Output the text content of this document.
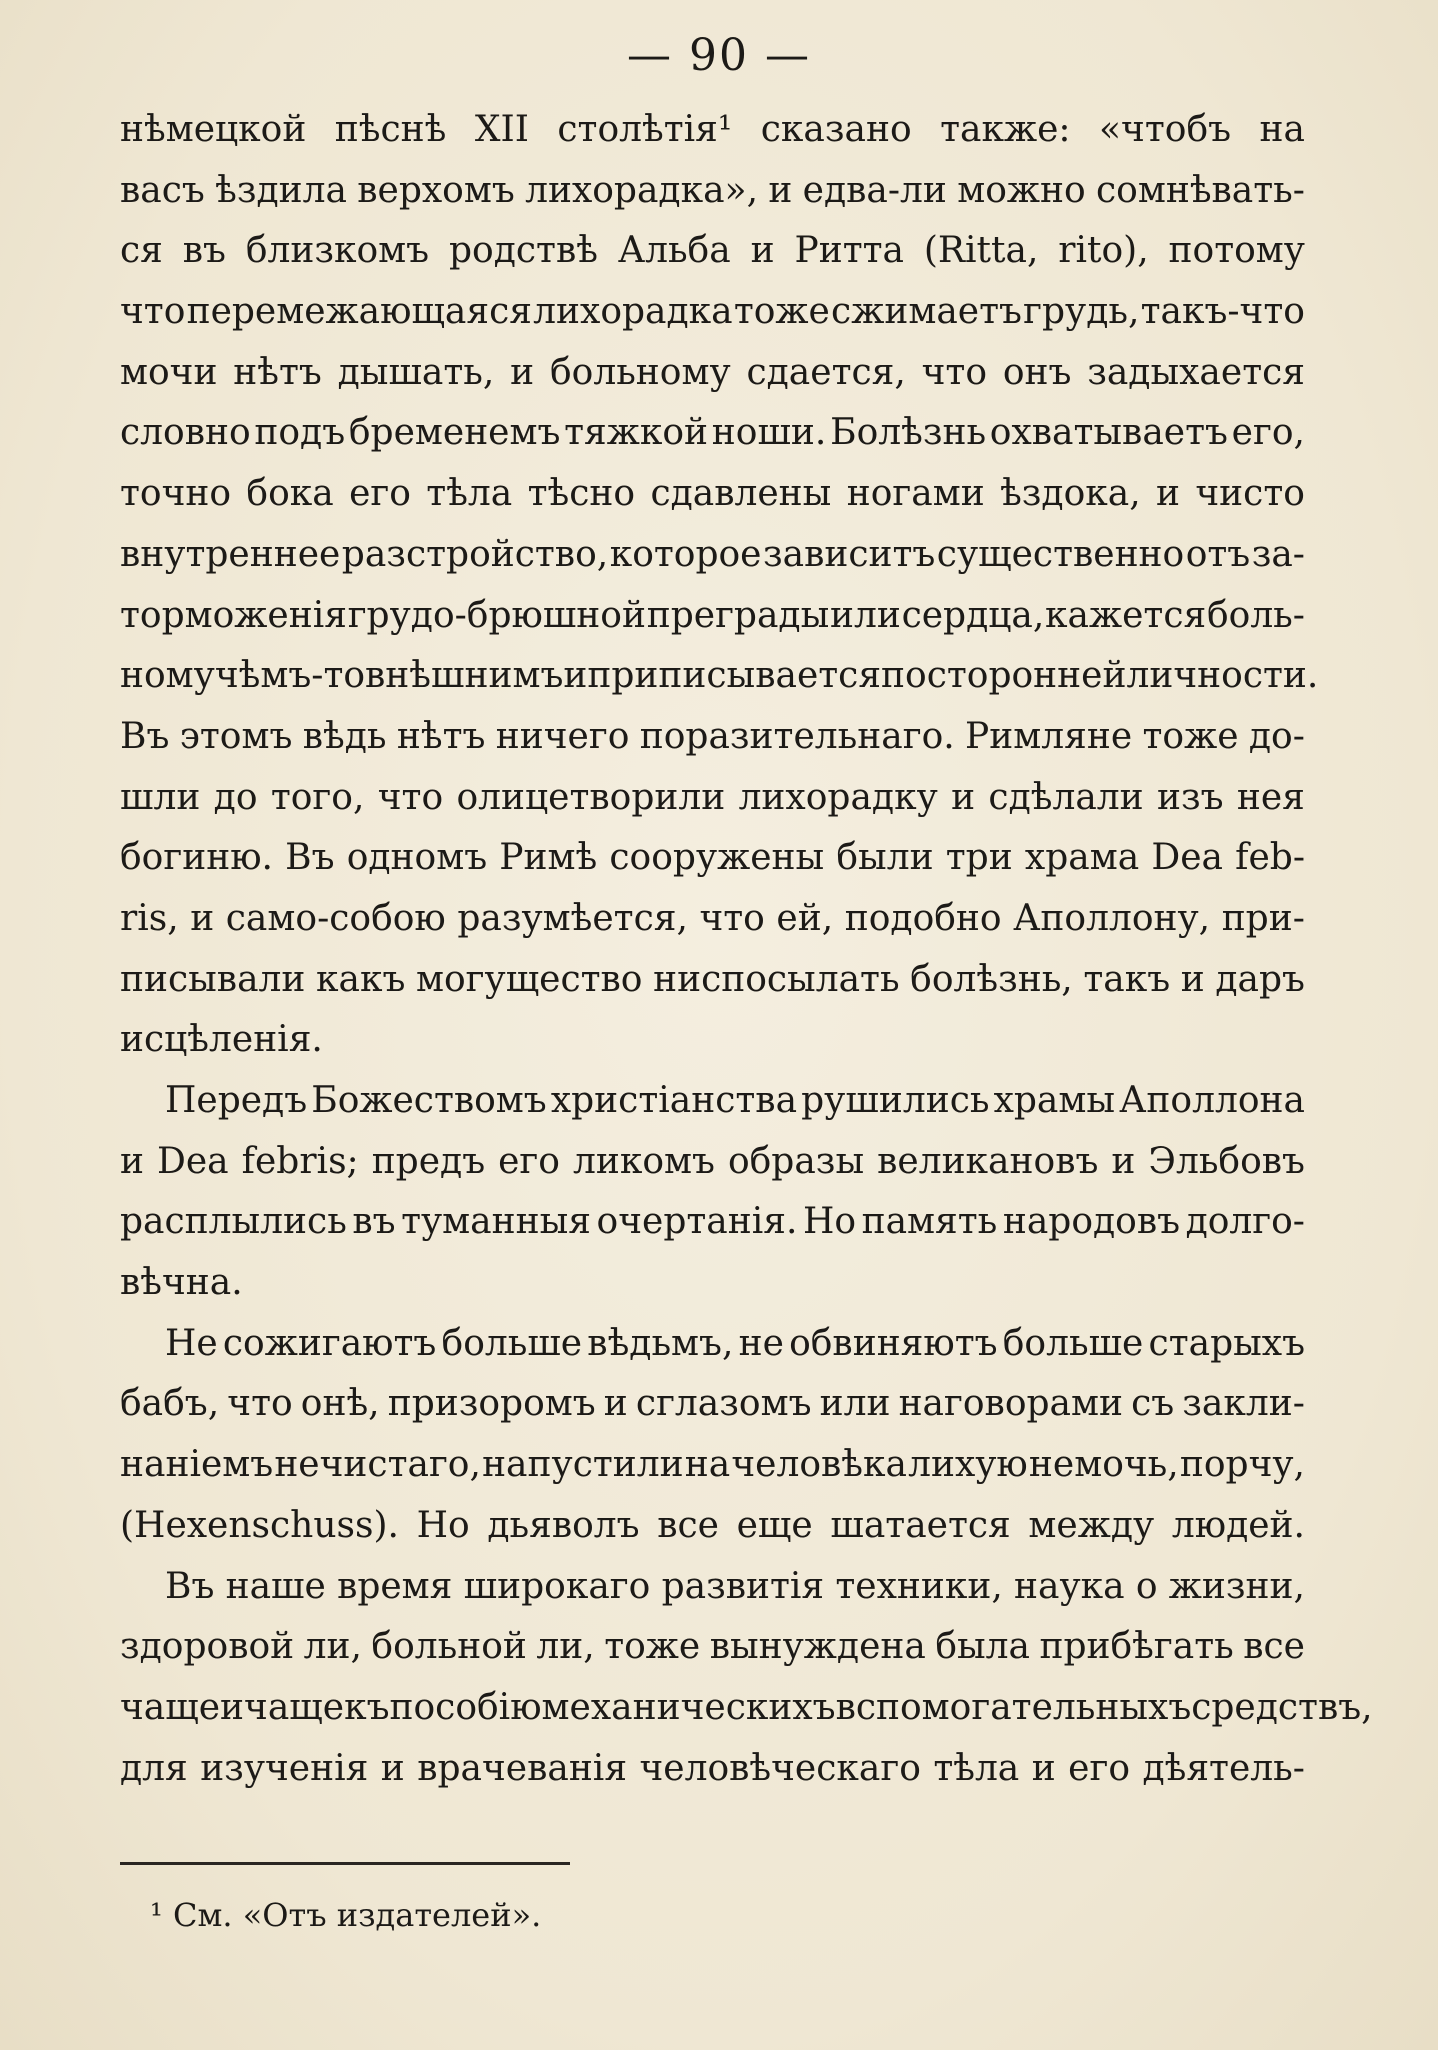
— 90 —
нѣмецкой пѣснѣ XII столѣтія¹ сказано также: «чтобъ на
васъ ѣздила верхомъ лихорадка», и едва-ли можно сомнѣвать-
ся въ близкомъ родствѣ Альба и Ритта (Ritta, rito), потому
что перемежающаяся лихорадка тоже сжимаетъ грудь, такъ-что
мочи нѣтъ дышать, и больному сдается, что онъ задыхается
словно подъ бременемъ тяжкой ноши. Болѣзнь охватываетъ его,
точно бока его тѣла тѣсно сдавлены ногами ѣздока, и чисто
внутреннее разстройство, которое зависитъ существенно отъ за-
торможенія грудо-брюшной преграды или сердца, кажется боль-
ному чѣмъ-то внѣшнимъ и приписывается посторонней личности.
Въ этомъ вѣдь нѣтъ ничего поразительнаго. Римляне тоже до-
шли до того, что олицетворили лихорадку и сдѣлали изъ нея
богиню. Въ одномъ Римѣ сооружены были три храма Dea feb-
ris, и само-собою разумѣется, что ей, подобно Аполлону, при-
писывали какъ могущество ниспосылать болѣзнь, такъ и даръ
исцѣленія.
Передъ Божествомъ христіанства рушились храмы Аполлона
и Dea febris; предъ его ликомъ образы великановъ и Эльбовъ
расплылись въ туманныя очертанія. Но память народовъ долго-
вѣчна.
Не сожигаютъ больше вѣдьмъ, не обвиняютъ больше старыхъ
бабъ, что онѣ, призоромъ и сглазомъ или наговорами съ закли-
наніемъ нечистаго, напустили на человѣка лихую немочь, порчу,
(Hexenschuss). Но дьяволъ все еще шатается между людей.
Въ наше время широкаго развитія техники, наука о жизни,
здоровой ли, больной ли, тоже вынуждена была прибѣгать все
чаще и чаще къ пособію механическихъ вспомогательныхъ средствъ,
для изученія и врачеванія человѣческаго тѣла и его дѣятель-
¹ См. «Отъ издателей».
